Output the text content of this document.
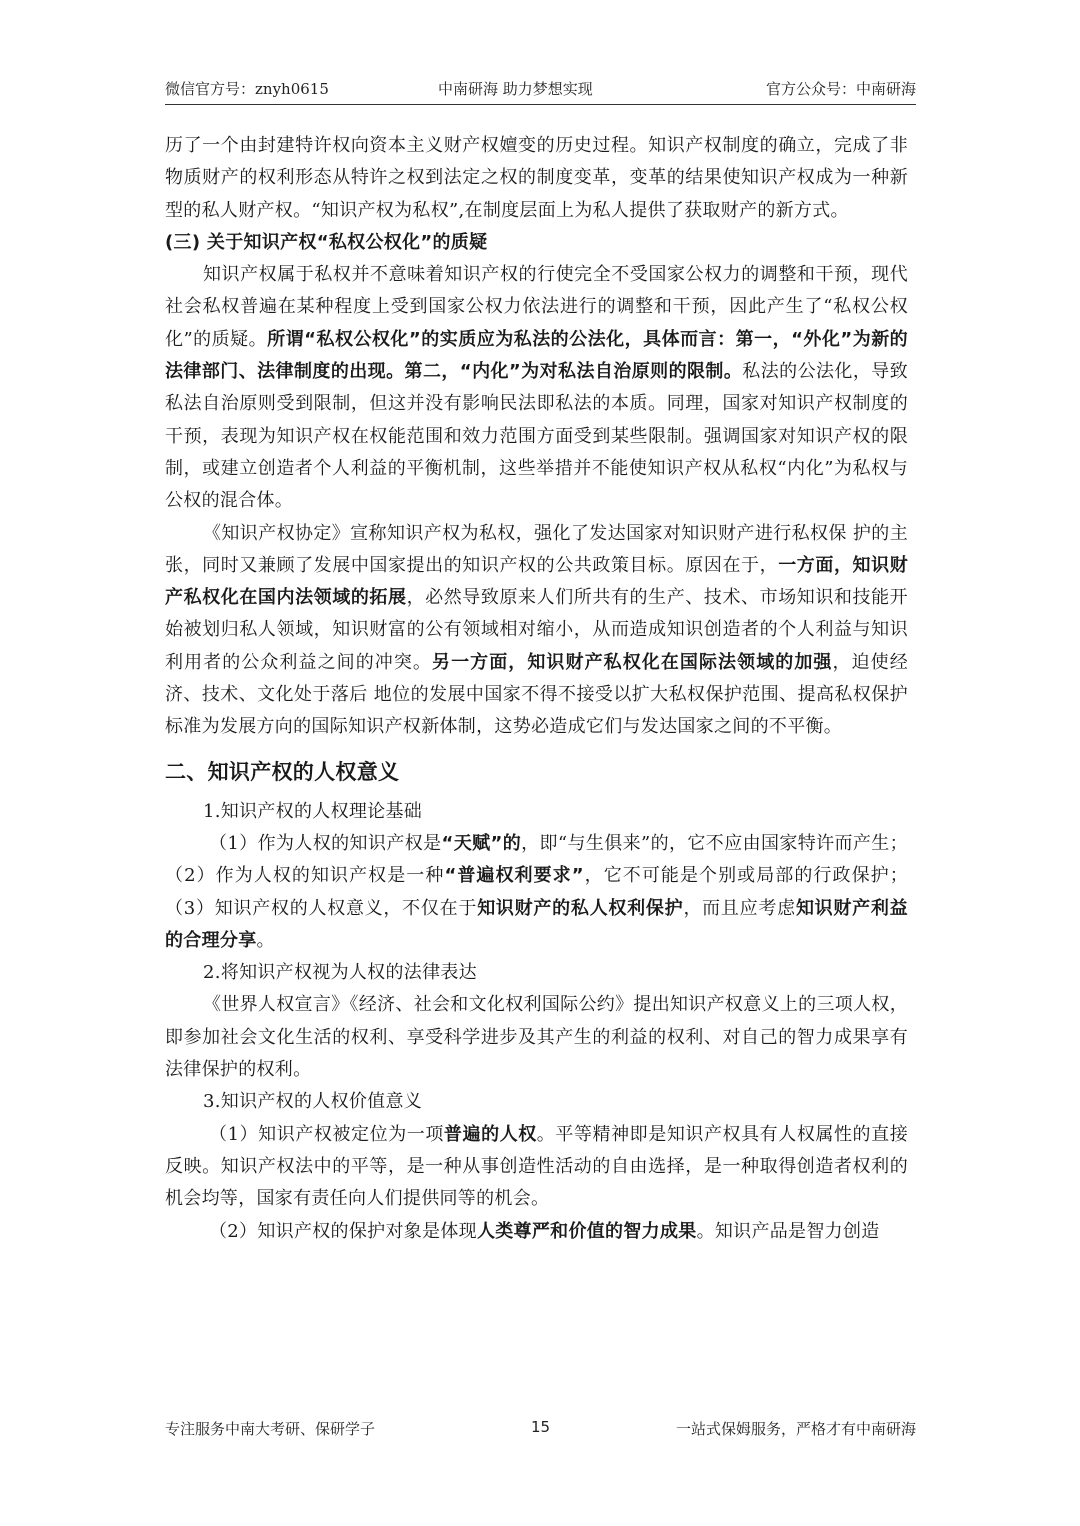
微信官方号：znyh0615	中南研海 助力梦想实现	官方公众号：中南研海

历了一个由封建特许权向资本主义财产权嬗变的历史过程。知识产权制度的确立，完成了非物质财产的权利形态从特许之权到法定之权的制度变革，变革的结果使知识产权成为一种新型的私人财产权。“知识产权为私权”,在制度层面上为私人提供了获取财产的新方式。

(三) 关于知识产权“私权公权化”的质疑

知识产权属于私权并不意味着知识产权的行使完全不受国家公权力的调整和干预，现代社会私权普遍在某种程度上受到国家公权力依法进行的调整和干预，因此产生了“私权公权化”的质疑。所谓“私权公权化”的实质应为私法的公法化，具体而言：第一，“外化”为新的法律部门、法律制度的出现。第二，“内化”为对私法自治原则的限制。私法的公法化，导致私法自治原则受到限制，但这并没有影响民法即私法的本质。同理，国家对知识产权制度的干预，表现为知识产权在权能范围和效力范围方面受到某些限制。强调国家对知识产权的限制，或建立创造者个人利益的平衡机制，这些举措并不能使知识产权从私权“内化”为私权与公权的混合体。

《知识产权协定》宣称知识产权为私权，强化了发达国家对知识财产进行私权保 护的主张，同时又兼顾了发展中国家提出的知识产权的公共政策目标。原因在于，一方面，知识财产私权化在国内法领域的拓展，必然导致原来人们所共有的生产、技术、市场知识和技能开始被划归私人领域，知识财富的公有领域相对缩小，从而造成知识创造者的个人利益与知识利用者的公众利益之间的冲突。另一方面，知识财产私权化在国际法领域的加强，迫使经济、技术、文化处于落后 地位的发展中国家不得不接受以扩大私权保护范围、提高私权保护标准为发展方向的国际知识产权新体制，这势必造成它们与发达国家之间的不平衡。

二、知识产权的人权意义

1.知识产权的人权理论基础

（1）作为人权的知识产权是“天赋”的，即“与生俱来”的，它不应由国家特许而产生；（2）作为人权的知识产权是一种“普遍权利要求”，它不可能是个别或局部的行政保护；（3）知识产权的人权意义，不仅在于知识财产的私人权利保护，而且应考虑知识财产利益的合理分享。

2.将知识产权视为人权的法律表达

《世界人权宣言》《经济、社会和文化权利国际公约》提出知识产权意义上的三项人权，即参加社会文化生活的权利、享受科学进步及其产生的利益的权利、对自己的智力成果享有法律保护的权利。

3.知识产权的人权价值意义

（1）知识产权被定位为一项普遍的人权。平等精神即是知识产权具有人权属性的直接反映。知识产权法中的平等，是一种从事创造性活动的自由选择，是一种取得创造者权利的机会均等，国家有责任向人们提供同等的机会。

（2）知识产权的保护对象是体现人类尊严和价值的智力成果。知识产品是智力创造

专注服务中南大考研、保研学子	15	一站式保姆服务，严格才有中南研海
